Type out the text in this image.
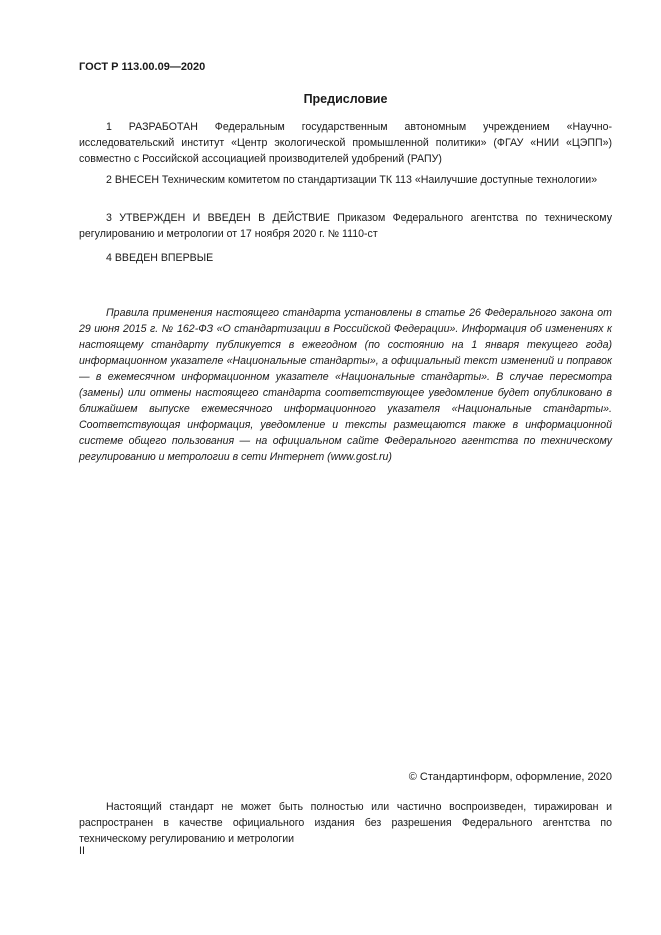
ГОСТ Р 113.00.09—2020
Предисловие

1 РАЗРАБОТАН Федеральным государственным автономным учреждением «Научно-исследовательский институт «Центр экологической промышленной политики» (ФГАУ «НИИ «ЦЭПП») совместно с Российской ассоциацией производителей удобрений (РАПУ)

2 ВНЕСЕН Техническим комитетом по стандартизации ТК 113 «Наилучшие доступные технологии»

3 УТВЕРЖДЕН И ВВЕДЕН В ДЕЙСТВИЕ Приказом Федерального агентства по техническому регулированию и метрологии от 17 ноября 2020 г. № 1110-ст

4 ВВЕДЕН ВПЕРВЫЕ

Правила применения настоящего стандарта установлены в статье 26 Федерального закона от 29 июня 2015 г. № 162-ФЗ «О стандартизации в Российской Федерации». Информация об изменениях к настоящему стандарту публикуется в ежегодном (по состоянию на 1 января текущего года) информационном указателе «Национальные стандарты», а официальный текст изменений и поправок — в ежемесячном информационном указателе «Национальные стандарты». В случае пересмотра (замены) или отмены настоящего стандарта соответствующее уведомление будет опубликовано в ближайшем выпуске ежемесячного информационного указателя «Национальные стандарты». Соответствующая информация, уведомление и тексты размещаются также в информационной системе общего пользования — на официальном сайте Федерального агентства по техническому регулированию и метрологии в сети Интернет (www.gost.ru)

© Стандартинформ, оформление, 2020

Настоящий стандарт не может быть полностью или частично воспроизведен, тиражирован и распространен в качестве официального издания без разрешения Федерального агентства по техническому регулированию и метрологии

II
